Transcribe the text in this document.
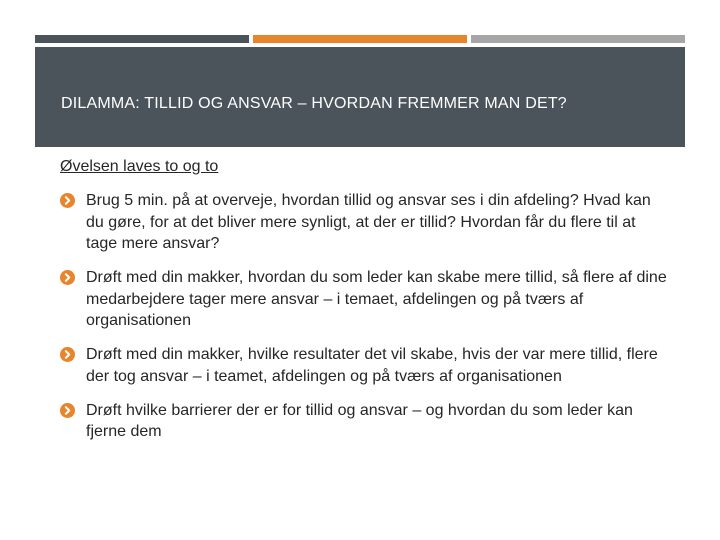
DILAMMA: TILLID OG ANSVAR – HVORDAN FREMMER MAN DET?
Øvelsen laves to og to
Brug 5 min. på at overveje, hvordan tillid og ansvar ses i din afdeling? Hvad kan du gøre, for at det bliver mere synligt, at der er tillid? Hvordan får du flere til at tage mere ansvar?
Drøft med din makker, hvordan du som leder kan skabe mere tillid, så flere af dine medarbejdere tager mere ansvar – i temaet, afdelingen og på tværs af organisationen
Drøft med din makker, hvilke resultater det vil skabe, hvis der var mere tillid, flere der tog ansvar – i teamet, afdelingen og på tværs af organisationen
Drøft hvilke barrierer der er for tillid og ansvar – og hvordan du som leder kan fjerne dem
